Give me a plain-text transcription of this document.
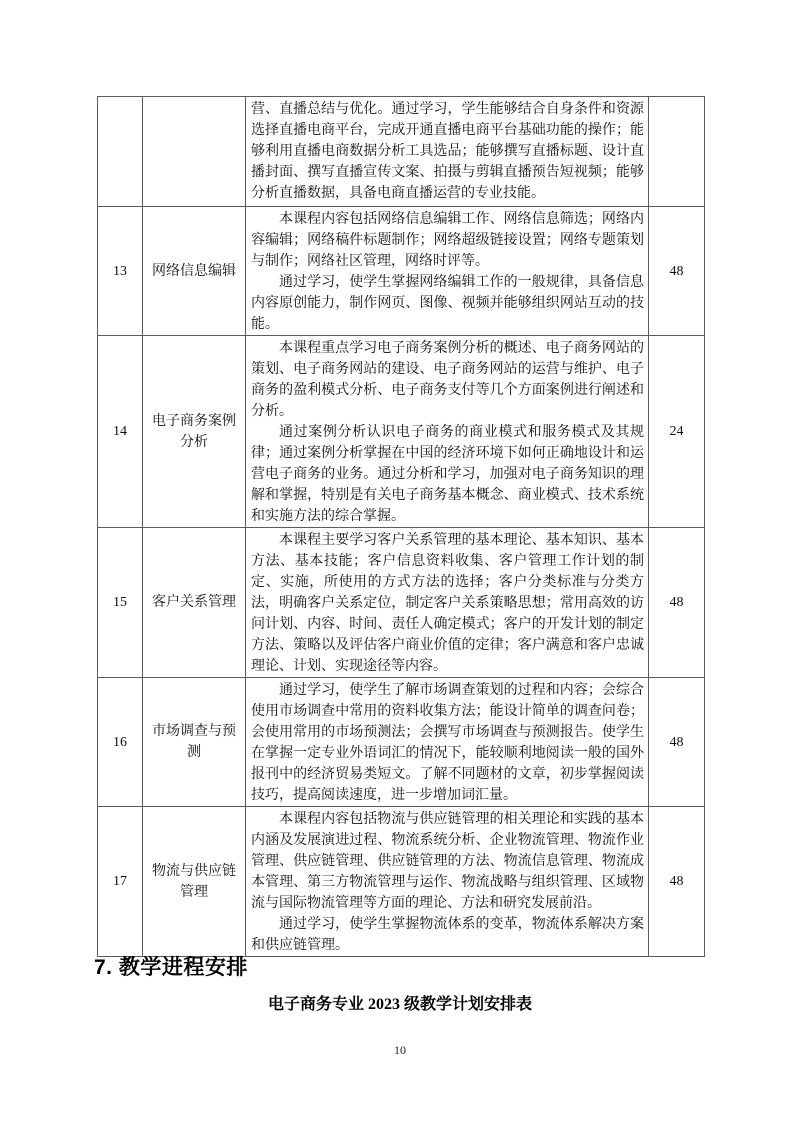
		营、直播总结与优化。通过学习，学生能够结合自身条件和资源选择直播电商平台，完成开通直播电商平台基础功能的操作；能够利用直播电商数据分析工具选品；能够撰写直播标题、设计直播封面、撰写直播宣传文案、拍摄与剪辑直播预告短视频；能够分析直播数据，具备电商直播运营的专业技能。	

13	网络信息编辑	本课程内容包括网络信息编辑工作、网络信息筛选；网络内容编辑；网络稿件标题制作；网络超级链接设置；网络专题策划与制作；网络社区管理，网络时评等。

通过学习，使学生掌握网络编辑工作的一般规律，具备信息内容原创能力，制作网页、图像、视频并能够组织网站互动的技能。	48
14	电子商务案例分析	本课程重点学习电子商务案例分析的概述、电子商务网站的策划、电子商务网站的建设、电子商务网站的运营与维护、电子商务的盈利模式分析、电子商务支付等几个方面案例进行阐述和分析。

通过案例分析认识电子商务的商业模式和服务模式及其规律；通过案例分析掌握在中国的经济环境下如何正确地设计和运营电子商务的业务。通过分析和学习，加强对电子商务知识的理解和掌握，特别是有关电子商务基本概念、商业模式、技术系统和实施方法的综合掌握。	24
15	客户关系管理	本课程主要学习客户关系管理的基本理论、基本知识、基本方法、基本技能；客户信息资料收集、客户管理工作计划的制定、实施，所使用的方式方法的选择；客户分类标准与分类方法，明确客户关系定位，制定客户关系策略思想；常用高效的访问计划、内容、时间、责任人确定模式；客户的开发计划的制定方法、策略以及评估客户商业价值的定律；客户满意和客户忠诚理论、计划、实现途径等内容。	48
16	市场调查与预测	通过学习，使学生了解市场调查策划的过程和内容；会综合使用市场调查中常用的资料收集方法；能设计简单的调查问卷；会使用常用的市场预测法；会撰写市场调查与预测报告。使学生在掌握一定专业外语词汇的情况下，能较顺利地阅读一般的国外报刊中的经济贸易类短文。了解不同题材的文章，初步掌握阅读技巧，提高阅读速度，进一步增加词汇量。	48
17	物流与供应链管理	本课程内容包括物流与供应链管理的相关理论和实践的基本内涵及发展演进过程、物流系统分析、企业物流管理、物流作业管理、供应链管理、供应链管理的方法、物流信息管理、物流成本管理、第三方物流管理与运作、物流战略与组织管理、区域物流与国际物流管理等方面的理论、方法和研究发展前沿。

通过学习，使学生掌握物流体系的变革，物流体系解决方案和供应链管理。	48
7. 教学进程安排
电子商务专业 2023 级教学计划安排表
10
